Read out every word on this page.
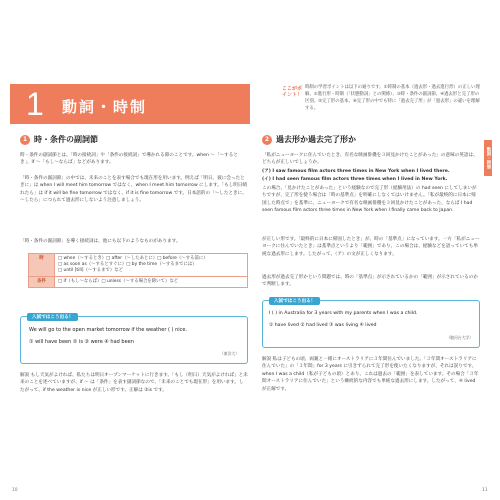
1 動詞・時制
ここがポイント！
時制の学習ポイントは以下の通りです。①時制の基本（過去形・過去進行形）の正しい理解、②進行形・時制（「状態動詞」との関係）、③時・条件の副詞節、④過去形と完了形の区別、⑤完了形の基本、⑥完了形の中でも特に「過去完了形」が「過去形」の違いを理解する。
1 時・条件の副詞節

時・条件の副詞節とは、「時の接続詞」や「条件の接続詞」で導かれる節のことです。when ～「～するとき」、if ～「もし～ならば」などがあります。

「時・条件の副詞節」の中では、未来のことを表す場合でも現在形を用います。例えば「明日、彼に会ったときに」は when I will meet him tomorrow ではなく、when I meet him tomorrow にします。「もし明日晴れたら」は if it will be fine tomorrow ではなく、if it is fine tomorrow です。日本語的の「～したときに、～したら」につられて過去形にしないよう注意しましょう。

「時・条件の副詞節」を導く接続詞は、他にも以下のようなものがあります。

時	□ when（～するとき）□ after（～したあとに）□ before（～する前に）
□ as soon as（～するとすぐに）□ by the time（～するまでには）
□ until [till]（～するまで）など

条件	□ if（もし～ならば）□ unless（～する場合を除いて）など
入試ではこう出る！
We will go to the open market tomorrow if the weather ( ) nice.
① will have been ② is ③ were ④ had been
（東洋大）

解説 もし天気がよければ、私たちは明日オープンマーケットに行きます。「もし（明日）天気がよければ」と未来のことを述べていますが、if ～ は「条件」を表す副詞節なので、「未来のことでも現在形」を用います。したがって、if the weather is nice が正しい形です。正解は ②is です。

2 過去形か過去完了形か

「私がニューヨークに住んでいたとき、有名な映画俳優を３回見かけたことがあった」の意味の英語は、どちらが正しいでしょうか。

(ア) I saw famous film actors three times in New York when I lived there.

(イ) I had seen famous film actors three times when I lived in New York.

この場合、「見かけたことがあった」という経験なので完了形（経験用法）の had seen にしてしまいがちですが、完了形を使う場合は「時の基準点」を明確にしなくてはいけません。「私が最終的に日本に帰国した時点で」を基準に、ニューヨークで有名な映画俳優を３回見かけたことがあった、ならば I had seen famous film actors three times in New York when I finally came back to Japan.

が正しい形です。「最終的に日本に帰国したとき」が、時の「基準点」になっています。一方「私がニューヨークに住んでいたとき」は基準点というより「範囲」であり、この場合は、経験などを語っていても単純な過去形にします。したがって、（ア）の文が正しくなります。

過去形が過去完了形かという問題では、時の「基準点」が示されているかの「範囲」が示されているのかで判断します。

入試ではこう出る！
I ( ) in Australia for 3 years with my parents when I was a child.
① have lived ② had lived ③ was living ④ lived
（駿河台大学）

解説 私は子どもの頃、両親と一緒にオーストラリアに３年間住んでいました。「３年間オーストラリアに住んでいた」の「３年間」for 3 years に引きずられて完了形を使いたくなりますが、それは誤りです。when I was a child（私が子どもの頃）とあり、これは過去の「範囲」を表しています。その場合「３年間オーストラリアに住んでいた」という継続的な内容でも単純な過去形にします。したがって、④ lived が正解です。

動詞・時制
10	11
